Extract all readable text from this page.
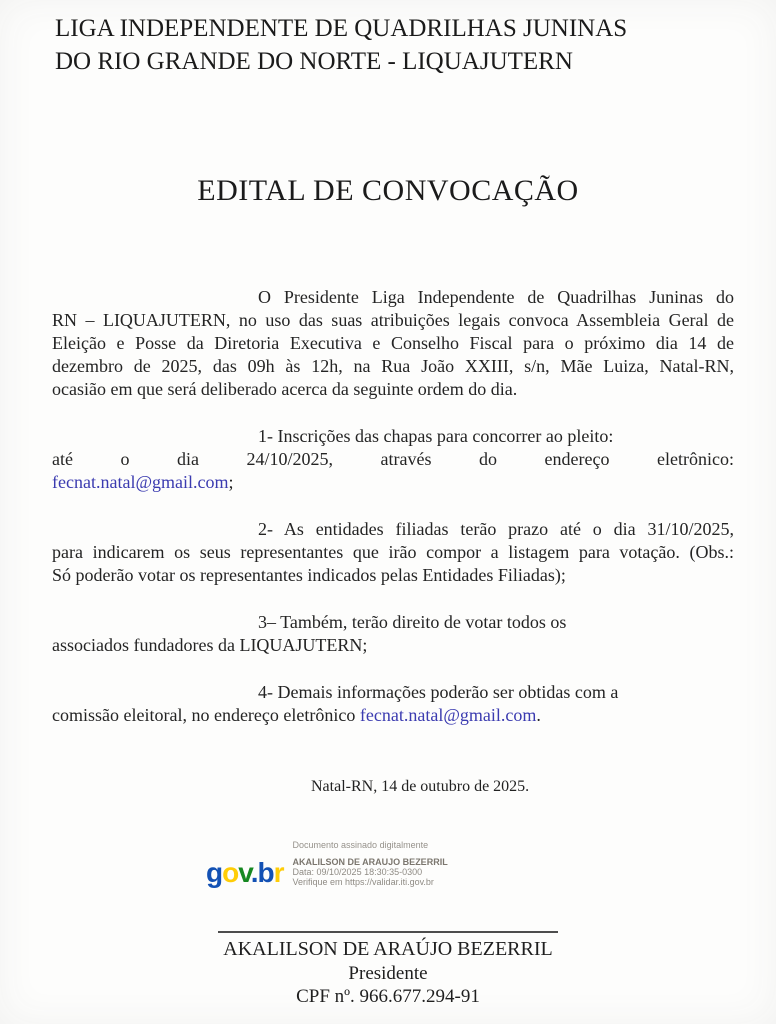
LIGA INDEPENDENTE DE QUADRILHAS JUNINAS
DO RIO GRANDE DO NORTE - LIQUAJUTERN
EDITAL DE CONVOCAÇÃO
O Presidente Liga Independente de Quadrilhas Juninas do
RN – LIQUAJUTERN, no uso das suas atribuições legais convoca Assembleia Geral de
Eleição e Posse da Diretoria Executiva e Conselho Fiscal para o próximo dia 14 de
dezembro de 2025, das 09h às 12h, na Rua João XXIII, s/n, Mãe Luiza, Natal-RN,
ocasião em que será deliberado acerca da seguinte ordem do dia.
1- Inscrições das chapas para concorrer ao pleito:
até o dia 24/10/2025, através do endereço eletrônico:
fecnat.natal@gmail.com;
2- As entidades filiadas terão prazo até o dia 31/10/2025,
para indicarem os seus representantes que irão compor a listagem para votação. (Obs.:
Só poderão votar os representantes indicados pelas Entidades Filiadas);
3– Também, terão direito de votar todos os
associados fundadores da LIQUAJUTERN;
4- Demais informações poderão ser obtidas com a
comissão eleitoral, no endereço eletrônico fecnat.natal@gmail.com.
Natal-RN, 14 de outubro de 2025.
gov.br
Documento assinado digitalmente
AKALILSON DE ARAUJO BEZERRIL
Data: 09/10/2025 18:30:35-0300
Verifique em https://validar.iti.gov.br
AKALILSON DE ARAÚJO BEZERRIL
Presidente
CPF nº. 966.677.294-91
